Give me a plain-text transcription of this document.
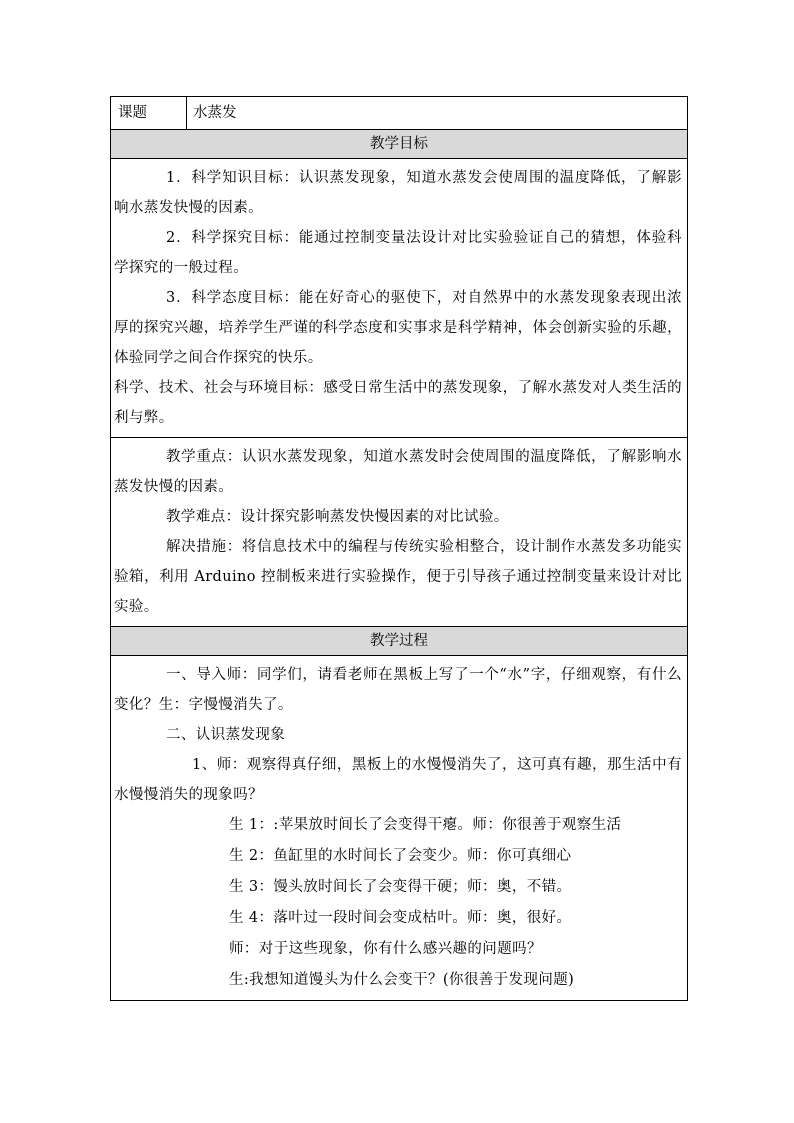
课题	水蒸发
教学目标

1．科学知识目标：认识蒸发现象，知道水蒸发会使周围的温度降低，了解影响水蒸发快慢的因素。

2．科学探究目标：能通过控制变量法设计对比实验验证自己的猜想，体验科学探究的一般过程。

3．科学态度目标：能在好奇心的驱使下，对自然界中的水蒸发现象表现出浓厚的探究兴趣，培养学生严谨的科学态度和实事求是科学精神，体会创新实验的乐趣，体验同学之间合作探究的快乐。

科学、技术、社会与环境目标：感受日常生活中的蒸发现象，了解水蒸发对人类生活的利与弊。

教学重点：认识水蒸发现象，知道水蒸发时会使周围的温度降低，了解影响水蒸发快慢的因素。

教学难点：设计探究影响蒸发快慢因素的对比试验。

解决措施：将信息技术中的编程与传统实验相整合，设计制作水蒸发多功能实验箱，利用 Arduino 控制板来进行实验操作，便于引导孩子通过控制变量来设计对比实验。

教学过程

一、导入师：同学们，请看老师在黑板上写了一个“水”字，仔细观察，有什么变化？生：字慢慢消失了。

二、认识蒸发现象

1、师：观察得真仔细，黑板上的水慢慢消失了，这可真有趣，那生活中有水慢慢消失的现象吗？

生 1：:苹果放时间长了会变得干瘪。师：你很善于观察生活

生 2：鱼缸里的水时间长了会变少。师：你可真细心

生 3：馒头放时间长了会变得干硬；师：奥，不错。

生 4：落叶过一段时间会变成枯叶。师：奥，很好。

师：对于这些现象，你有什么感兴趣的问题吗？

生:我想知道馒头为什么会变干？(你很善于发现问题)
